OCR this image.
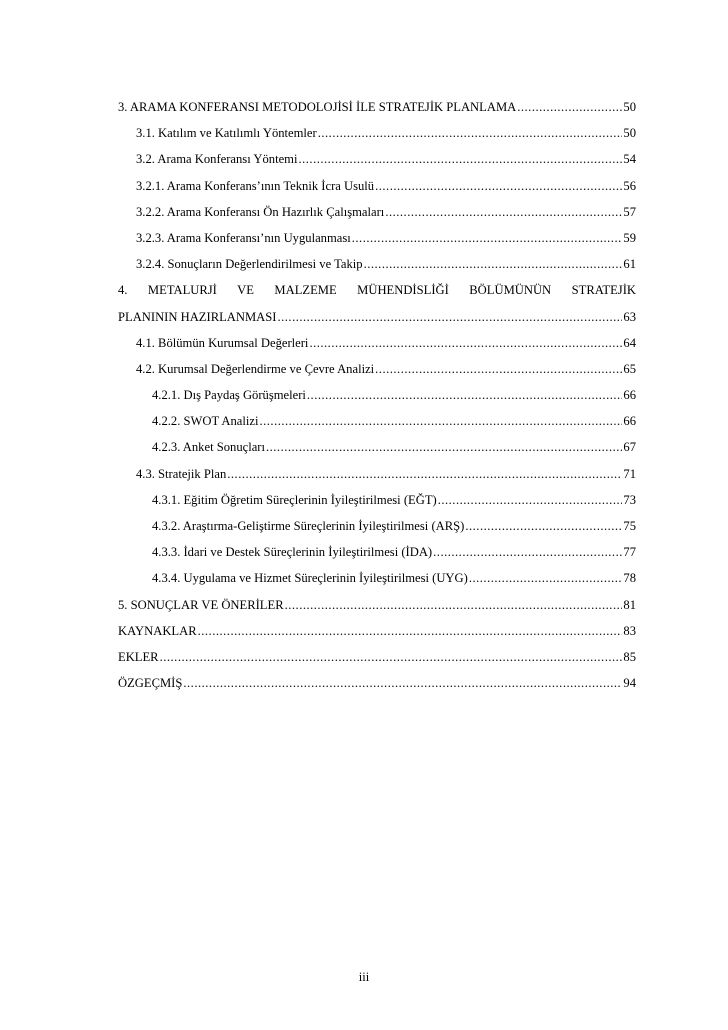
3. ARAMA KONFERANSI METODOLOJİSİ İLE STRATEJİK PLANLAMA .....	50
3.1. Katılım ve Katılımlı Yöntemler .....	50
3.2. Arama Konferansı Yöntemi .....	54
3.2.1. Arama Konferans’ının Teknik İcra Usulü .....	56
3.2.2. Arama Konferansı Ön Hazırlık Çalışmaları .....	57
3.2.3. Arama Konferansı’nın Uygulanması .....	59
3.2.4. Sonuçların Değerlendirilmesi ve Takip .....	61
4. METALURJİ VE MALZEME MÜHENDİSLİĞİ BÖLÜMÜNÜN STRATEJİK
PLANININ HAZIRLANMASI .....	63
4.1. Bölümün Kurumsal Değerleri .....	64
4.2. Kurumsal Değerlendirme ve Çevre Analizi .....	65
4.2.1. Dış Paydaş Görüşmeleri .....	66
4.2.2. SWOT Analizi .....	66
4.2.3. Anket Sonuçları .....	67
4.3. Stratejik Plan .....	71
4.3.1. Eğitim Öğretim Süreçlerinin İyileştirilmesi (EĞT) .....	73
4.3.2. Araştırma-Geliştirme Süreçlerinin İyileştirilmesi (ARŞ) .....	75
4.3.3. İdari ve Destek Süreçlerinin İyileştirilmesi (İDA) .....	77
4.3.4. Uygulama ve Hizmet Süreçlerinin İyileştirilmesi (UYG) .....	78
5. SONUÇLAR VE ÖNERİLER .....	81
KAYNAKLAR .....	83
EKLER .....	85
ÖZGEÇMİŞ .....	94
iii
